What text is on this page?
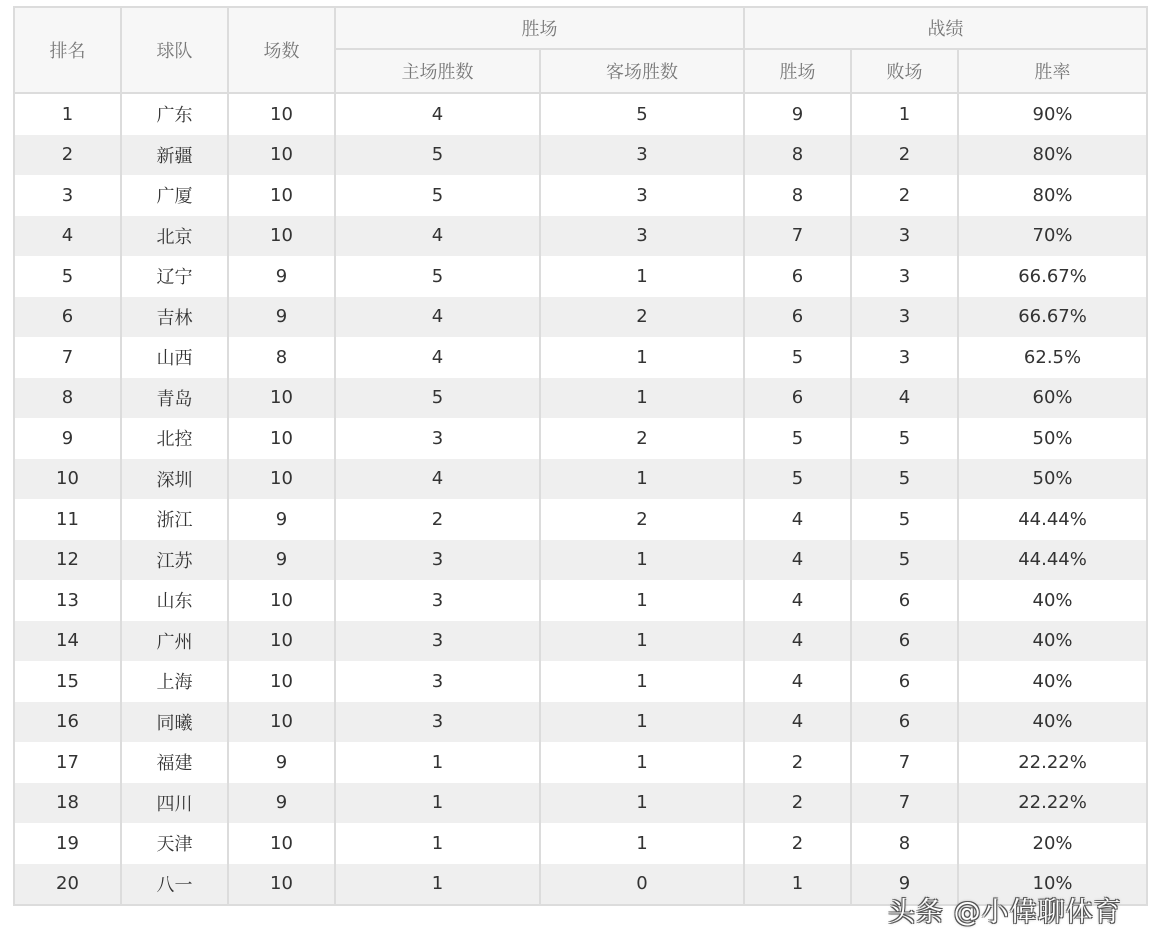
排名	球队	场数	胜场		战绩		
			主场胜数	客场胜数	胜场	败场	胜率
1	广东	10	4	5	9	1	90%
2	新疆	10	5	3	8	2	80%
3	广厦	10	5	3	8	2	80%
4	北京	10	4	3	7	3	70%
5	辽宁	9	5	1	6	3	66.67%
6	吉林	9	4	2	6	3	66.67%
7	山西	8	4	1	5	3	62.5%
8	青岛	10	5	1	6	4	60%
9	北控	10	3	2	5	5	50%
10	深圳	10	4	1	5	5	50%
11	浙江	9	2	2	4	5	44.44%
12	江苏	9	3	1	4	5	44.44%
13	山东	10	3	1	4	6	40%
14	广州	10	3	1	4	6	40%
15	上海	10	3	1	4	6	40%
16	同曦	10	3	1	4	6	40%
17	福建	9	1	1	2	7	22.22%
18	四川	9	1	1	2	7	22.22%
19	天津	10	1	1	2	8	20%
20	八一	10	1	0	1	9	10%
头条 @小偉聊体育
